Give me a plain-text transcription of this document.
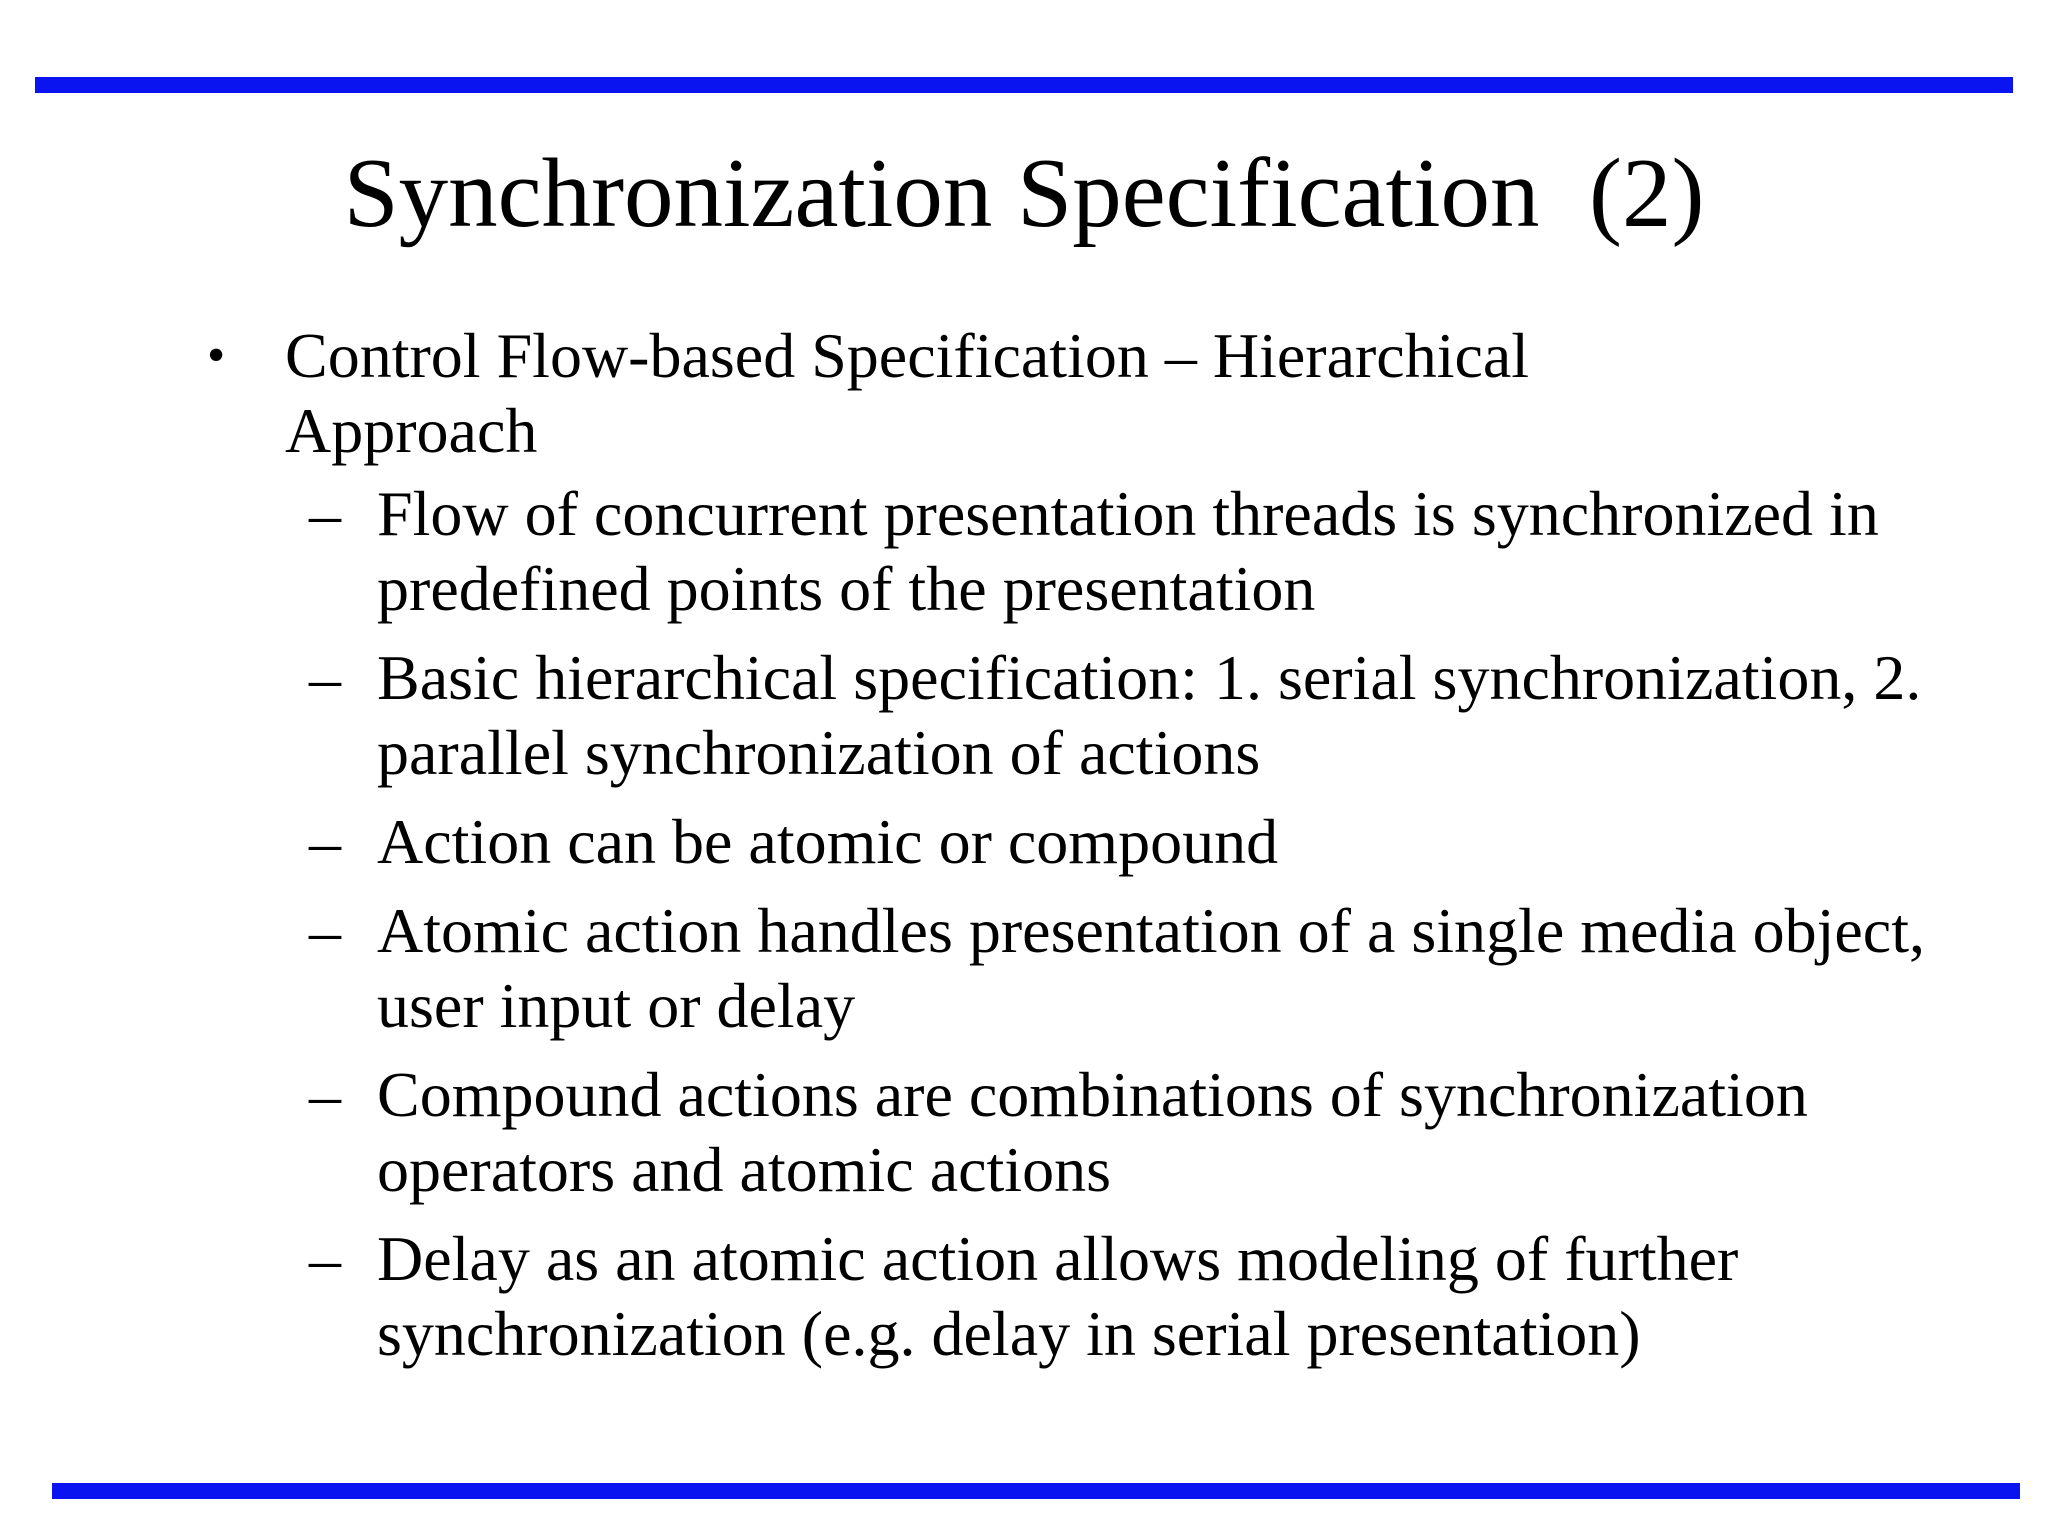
Synchronization Specification  (2)
• Control Flow-based Specification – Hierarchical Approach
– Flow of concurrent presentation threads is synchronized in predefined points of the presentation
– Basic hierarchical specification: 1. serial synchronization, 2. parallel synchronization of actions
– Action can be atomic or compound
– Atomic action handles presentation of a single media object, user input or delay
– Compound actions are combinations of synchronization operators and atomic actions
– Delay as an atomic action allows modeling of further synchronization (e.g. delay in serial presentation)
